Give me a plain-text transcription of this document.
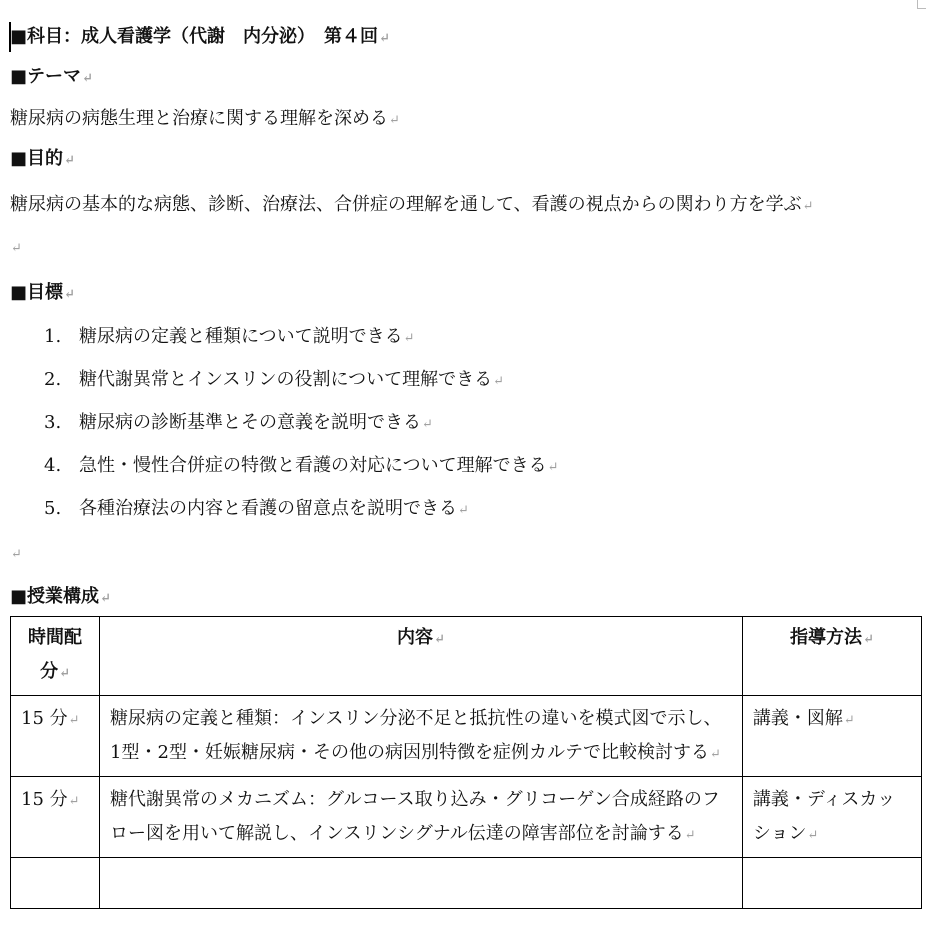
■科目：成人看護学（代謝　内分泌）　第４回↵
■テーマ↵
糖尿病の病態生理と治療に関する理解を深める↵
■目的↵
糖尿病の基本的な病態、診断、治療法、合併症の理解を通して、看護の視点からの関わり方を学ぶ↵
↵
■目標↵
1. 糖尿病の定義と種類について説明できる↵
2. 糖代謝異常とインスリンの役割について理解できる↵
3. 糖尿病の診断基準とその意義を説明できる↵
4. 急性・慢性合併症の特徴と看護の対応について理解できる↵
5. 各種治療法の内容と看護の留意点を説明できる↵
↵
■授業構成↵
時間配分↵	内容↵	指導方法↵
15 分↵	糖尿病の定義と種類：インスリン分泌不足と抵抗性の違いを模式図で示し、1型・2型・妊娠糖尿病・その他の病因別特徴を症例カルテで比較検討する↵	講義・図解↵
15 分↵	糖代謝異常のメカニズム：グルコース取り込み・グリコーゲン合成経路のフロー図を用いて解説し、インスリンシグナル伝達の障害部位を討論する↵	講義・ディスカッション↵
